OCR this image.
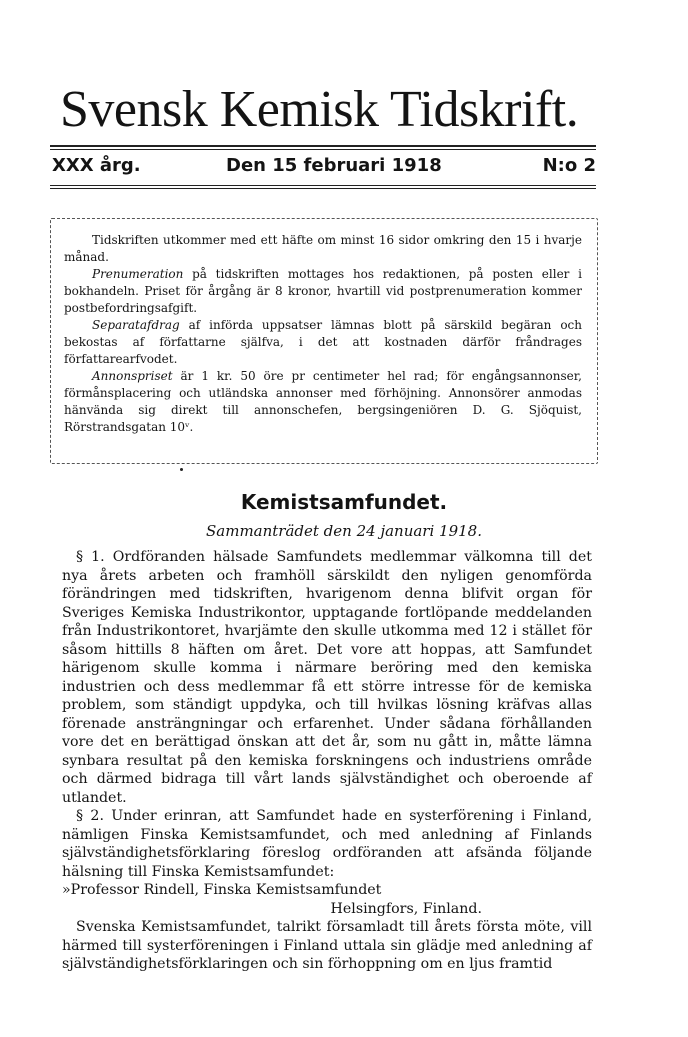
Svensk Kemisk Tidskrift.
XXX årg.	Den 15 februari 1918	N:o 2

Tidskriften utkommer med ett häfte om minst 16 sidor omkring den 15 i hvarje månad.

Prenumeration på tidskriften mottages hos redaktionen, på posten eller i bokhandeln. Priset för årgång är 8 kronor, hvartill vid postprenumeration kommer postbefordringsafgift.

Separatafdrag af införda uppsatser lämnas blott på särskild begäran och bekostas af författarne själfva, i det att kostnaden därför fråndrages författarearfvodet.

Annonspriset är 1 kr. 50 öre pr centimeter hel rad; för engångsannonser, förmånsplacering och utländska annonser med förhöjning. Annonsörer anmodas hänvända sig direkt till annonschefen, bergsingeniören D. G. Sjöquist, Rörstrandsgatan 10ᵛ.

Kemistsamfundet.
Sammanträdet den 24 januari 1918.

§ 1. Ordföranden hälsade Samfundets medlemmar välkomna till det nya årets arbeten och framhöll särskildt den nyligen genomförda förändringen med tidskriften, hvarigenom denna blifvit organ för Sveriges Kemiska Industrikontor, upptagande fortlöpande meddelanden från Industrikontoret, hvarjämte den skulle utkomma med 12 i stället för såsom hittills 8 häften om året. Det vore att hoppas, att Samfundet härigenom skulle komma i närmare beröring med den kemiska industrien och dess medlemmar få ett större intresse för de kemiska problem, som ständigt uppdyka, och till hvilkas lösning kräfvas allas förenade ansträngningar och erfarenhet. Under sådana förhållanden vore det en berättigad önskan att det år, som nu gått in, måtte lämna synbara resultat på den kemiska forskningens och industriens område och därmed bidraga till vårt lands självständighet och oberoende af utlandet.

§ 2. Under erinran, att Samfundet hade en systerförening i Finland, nämligen Finska Kemistsamfundet, och med anledning af Finlands självständighetsförklaring föreslog ordföranden att afsända följande hälsning till Finska Kemistsamfundet:

»Professor Rindell, Finska Kemistsamfundet

Helsingfors, Finland.

Svenska Kemistsamfundet, talrikt församladt till årets första möte, vill härmed till systerföreningen i Finland uttala sin glädje med anledning af självständighetsförklaringen och sin förhoppning om en ljus framtid
